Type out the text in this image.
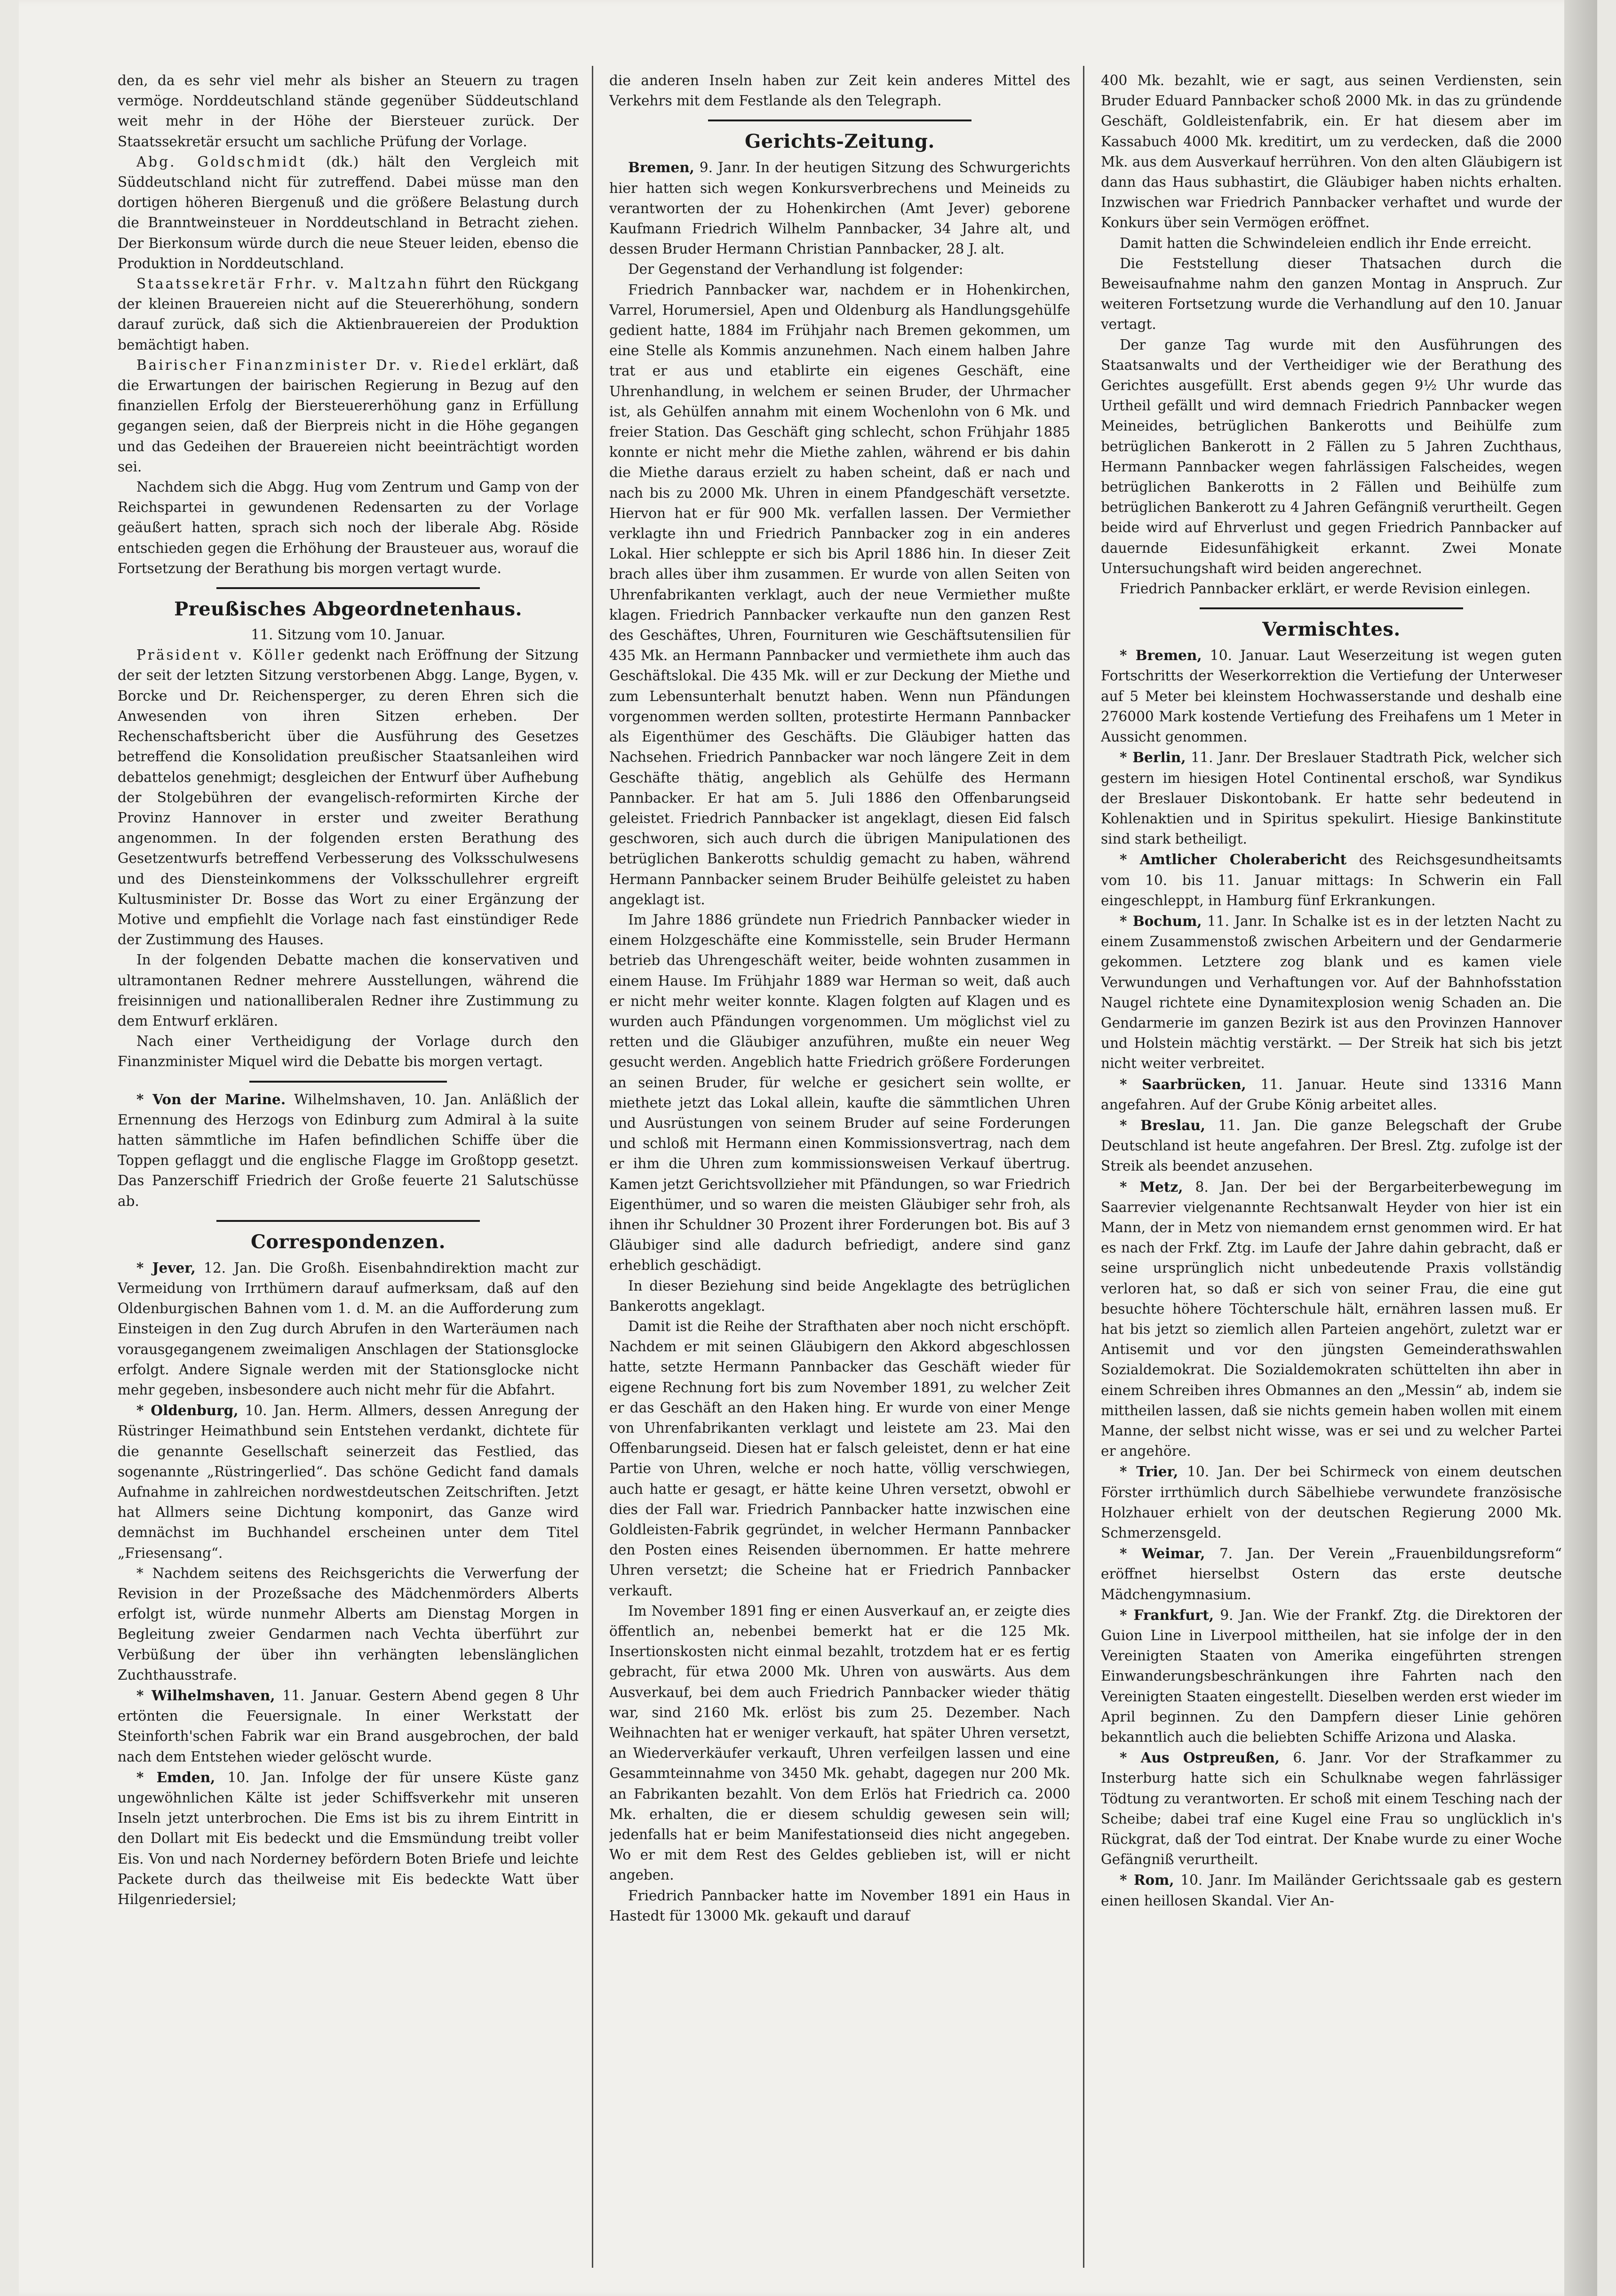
den, da es sehr viel mehr als bisher an Steuern zu tragen vermöge. Norddeutschland stände gegenüber Süddeutschland weit mehr in der Höhe der Biersteuer zurück. Der Staatssekretär ersucht um sachliche Prüfung der Vorlage.

Abg. Goldschmidt (dk.) hält den Vergleich mit Süddeutschland nicht für zutreffend. Dabei müsse man den dortigen höheren Biergenuß und die größere Belastung durch die Branntweinsteuer in Norddeutschland in Betracht ziehen. Der Bierkonsum würde durch die neue Steuer leiden, ebenso die Produktion in Norddeutschland.

Staatssekretär Frhr. v. Maltzahn führt den Rückgang der kleinen Brauereien nicht auf die Steuererhöhung, sondern darauf zurück, daß sich die Aktienbrauereien der Produktion bemächtigt haben.

Bairischer Finanzminister Dr. v. Riedel erklärt, daß die Erwartungen der bairischen Regierung in Bezug auf den finanziellen Erfolg der Biersteuererhöhung ganz in Erfüllung gegangen seien, daß der Bierpreis nicht in die Höhe gegangen und das Gedeihen der Brauereien nicht beeinträchtigt worden sei.

Nachdem sich die Abgg. Hug vom Zentrum und Gamp von der Reichspartei in gewundenen Redensarten zu der Vorlage geäußert hatten, sprach sich noch der liberale Abg. Röside entschieden gegen die Erhöhung der Brausteuer aus, worauf die Fortsetzung der Berathung bis morgen vertagt wurde.

Preußisches Abgeordnetenhaus.

11. Sitzung vom 10. Januar.

Präsident v. Köller gedenkt nach Eröffnung der Sitzung der seit der letzten Sitzung verstorbenen Abgg. Lange, Bygen, v. Borcke und Dr. Reichensperger, zu deren Ehren sich die Anwesenden von ihren Sitzen erheben. Der Rechenschaftsbericht über die Ausführung des Gesetzes betreffend die Konsolidation preußischer Staatsanleihen wird debattelos genehmigt; desgleichen der Entwurf über Aufhebung der Stolgebühren der evangelisch-reformirten Kirche der Provinz Hannover in erster und zweiter Berathung angenommen. In der folgenden ersten Berathung des Gesetzentwurfs betreffend Verbesserung des Volksschulwesens und des Diensteinkommens der Volksschullehrer ergreift Kultusminister Dr. Bosse das Wort zu einer Ergänzung der Motive und empfiehlt die Vorlage nach fast einstündiger Rede der Zustimmung des Hauses.

In der folgenden Debatte machen die konservativen und ultramontanen Redner mehrere Ausstellungen, während die freisinnigen und nationalliberalen Redner ihre Zustimmung zu dem Entwurf erklären.

Nach einer Vertheidigung der Vorlage durch den Finanzminister Miquel wird die Debatte bis morgen vertagt.

* Von der Marine. Wilhelmshaven, 10. Jan. Anläßlich der Ernennung des Herzogs von Edinburg zum Admiral à la suite hatten sämmtliche im Hafen befindlichen Schiffe über die Toppen geflaggt und die englische Flagge im Großtopp gesetzt. Das Panzerschiff Friedrich der Große feuerte 21 Salutschüsse ab.

Correspondenzen.

* Jever, 12. Jan. Die Großh. Eisenbahndirektion macht zur Vermeidung von Irrthümern darauf aufmerksam, daß auf den Oldenburgischen Bahnen vom 1. d. M. an die Aufforderung zum Einsteigen in den Zug durch Abrufen in den Warteräumen nach vorausgegangenem zweimaligen Anschlagen der Stationsglocke erfolgt. Andere Signale werden mit der Stationsglocke nicht mehr gegeben, insbesondere auch nicht mehr für die Abfahrt.

* Oldenburg, 10. Jan. Herm. Allmers, dessen Anregung der Rüstringer Heimathbund sein Entstehen verdankt, dichtete für die genannte Gesellschaft seinerzeit das Festlied, das sogenannte „Rüstringerlied“. Das schöne Gedicht fand damals Aufnahme in zahlreichen nordwestdeutschen Zeitschriften. Jetzt hat Allmers seine Dichtung komponirt, das Ganze wird demnächst im Buchhandel erscheinen unter dem Titel „Friesensang“.

* Nachdem seitens des Reichsgerichts die Verwerfung der Revision in der Prozeßsache des Mädchenmörders Alberts erfolgt ist, würde nunmehr Alberts am Dienstag Morgen in Begleitung zweier Gendarmen nach Vechta überführt zur Verbüßung der über ihn verhängten lebenslänglichen Zuchthausstrafe.

* Wilhelmshaven, 11. Januar. Gestern Abend gegen 8 Uhr ertönten die Feuersignale. In einer Werkstatt der Steinforth'schen Fabrik war ein Brand ausgebrochen, der bald nach dem Entstehen wieder gelöscht wurde.

* Emden, 10. Jan. Infolge der für unsere Küste ganz ungewöhnlichen Kälte ist jeder Schiffsverkehr mit unseren Inseln jetzt unterbrochen. Die Ems ist bis zu ihrem Eintritt in den Dollart mit Eis bedeckt und die Emsmündung treibt voller Eis. Von und nach Norderney befördern Boten Briefe und leichte Packete durch das theilweise mit Eis bedeckte Watt über Hilgenriedersiel;

die anderen Inseln haben zur Zeit kein anderes Mittel des Verkehrs mit dem Festlande als den Telegraph.

Gerichts-Zeitung.

Bremen, 9. Janr. In der heutigen Sitzung des Schwurgerichts hier hatten sich wegen Konkursverbrechens und Meineids zu verantworten der zu Hohenkirchen (Amt Jever) geborene Kaufmann Friedrich Wilhelm Pannbacker, 34 Jahre alt, und dessen Bruder Hermann Christian Pannbacker, 28 J. alt.

Der Gegenstand der Verhandlung ist folgender:

Friedrich Pannbacker war, nachdem er in Hohenkirchen, Varrel, Horumersiel, Apen und Oldenburg als Handlungsgehülfe gedient hatte, 1884 im Frühjahr nach Bremen gekommen, um eine Stelle als Kommis anzunehmen. Nach einem halben Jahre trat er aus und etablirte ein eigenes Geschäft, eine Uhrenhandlung, in welchem er seinen Bruder, der Uhrmacher ist, als Gehülfen annahm mit einem Wochenlohn von 6 Mk. und freier Station. Das Geschäft ging schlecht, schon Frühjahr 1885 konnte er nicht mehr die Miethe zahlen, während er bis dahin die Miethe daraus erzielt zu haben scheint, daß er nach und nach bis zu 2000 Mk. Uhren in einem Pfandgeschäft versetzte. Hiervon hat er für 900 Mk. verfallen lassen. Der Vermiether verklagte ihn und Friedrich Pannbacker zog in ein anderes Lokal. Hier schleppte er sich bis April 1886 hin. In dieser Zeit brach alles über ihm zusammen. Er wurde von allen Seiten von Uhrenfabrikanten verklagt, auch der neue Vermiether mußte klagen. Friedrich Pannbacker verkaufte nun den ganzen Rest des Geschäftes, Uhren, Fournituren wie Geschäftsutensilien für 435 Mk. an Hermann Pannbacker und vermiethete ihm auch das Geschäftslokal. Die 435 Mk. will er zur Deckung der Miethe und zum Lebensunterhalt benutzt haben. Wenn nun Pfändungen vorgenommen werden sollten, protestirte Hermann Pannbacker als Eigenthümer des Geschäfts. Die Gläubiger hatten das Nachsehen. Friedrich Pannbacker war noch längere Zeit in dem Geschäfte thätig, angeblich als Gehülfe des Hermann Pannbacker. Er hat am 5. Juli 1886 den Offenbarungseid geleistet. Friedrich Pannbacker ist angeklagt, diesen Eid falsch geschworen, sich auch durch die übrigen Manipulationen des betrüglichen Bankerotts schuldig gemacht zu haben, während Hermann Pannbacker seinem Bruder Beihülfe geleistet zu haben angeklagt ist.

Im Jahre 1886 gründete nun Friedrich Pannbacker wieder in einem Holzgeschäfte eine Kommisstelle, sein Bruder Hermann betrieb das Uhrengeschäft weiter, beide wohnten zusammen in einem Hause. Im Frühjahr 1889 war Herman so weit, daß auch er nicht mehr weiter konnte. Klagen folgten auf Klagen und es wurden auch Pfändungen vorgenommen. Um möglichst viel zu retten und die Gläubiger anzuführen, mußte ein neuer Weg gesucht werden. Angeblich hatte Friedrich größere Forderungen an seinen Bruder, für welche er gesichert sein wollte, er miethete jetzt das Lokal allein, kaufte die sämmtlichen Uhren und Ausrüstungen von seinem Bruder auf seine Forderungen und schloß mit Hermann einen Kommissionsvertrag, nach dem er ihm die Uhren zum kommissionsweisen Verkauf übertrug. Kamen jetzt Gerichtsvollzieher mit Pfändungen, so war Friedrich Eigenthümer, und so waren die meisten Gläubiger sehr froh, als ihnen ihr Schuldner 30 Prozent ihrer Forderungen bot. Bis auf 3 Gläubiger sind alle dadurch befriedigt, andere sind ganz erheblich geschädigt.

In dieser Beziehung sind beide Angeklagte des betrüglichen Bankerotts angeklagt.

Damit ist die Reihe der Strafthaten aber noch nicht erschöpft. Nachdem er mit seinen Gläubigern den Akkord abgeschlossen hatte, setzte Hermann Pannbacker das Geschäft wieder für eigene Rechnung fort bis zum November 1891, zu welcher Zeit er das Geschäft an den Haken hing. Er wurde von einer Menge von Uhrenfabrikanten verklagt und leistete am 23. Mai den Offenbarungseid. Diesen hat er falsch geleistet, denn er hat eine Partie von Uhren, welche er noch hatte, völlig verschwiegen, auch hatte er gesagt, er hätte keine Uhren versetzt, obwohl er dies der Fall war. Friedrich Pannbacker hatte inzwischen eine Goldleisten-Fabrik gegründet, in welcher Hermann Pannbacker den Posten eines Reisenden übernommen. Er hatte mehrere Uhren versetzt; die Scheine hat er Friedrich Pannbacker verkauft.

Im November 1891 fing er einen Ausverkauf an, er zeigte dies öffentlich an, nebenbei bemerkt hat er die 125 Mk. Insertionskosten nicht einmal bezahlt, trotzdem hat er es fertig gebracht, für etwa 2000 Mk. Uhren von auswärts. Aus dem Ausverkauf, bei dem auch Friedrich Pannbacker wieder thätig war, sind 2160 Mk. erlöst bis zum 25. Dezember. Nach Weihnachten hat er weniger verkauft, hat später Uhren versetzt, an Wiederverkäufer verkauft, Uhren verfeilgen lassen und eine Gesammteinnahme von 3450 Mk. gehabt, dagegen nur 200 Mk. an Fabrikanten bezahlt. Von dem Erlös hat Friedrich ca. 2000 Mk. erhalten, die er diesem schuldig gewesen sein will; jedenfalls hat er beim Manifestationseid dies nicht angegeben. Wo er mit dem Rest des Geldes geblieben ist, will er nicht angeben.

Friedrich Pannbacker hatte im November 1891 ein Haus in Hastedt für 13000 Mk. gekauft und darauf

400 Mk. bezahlt, wie er sagt, aus seinen Verdiensten, sein Bruder Eduard Pannbacker schoß 2000 Mk. in das zu gründende Geschäft, Goldleistenfabrik, ein. Er hat diesem aber im Kassabuch 4000 Mk. kreditirt, um zu verdecken, daß die 2000 Mk. aus dem Ausverkauf herrühren. Von den alten Gläubigern ist dann das Haus subhastirt, die Gläubiger haben nichts erhalten. Inzwischen war Friedrich Pannbacker verhaftet und wurde der Konkurs über sein Vermögen eröffnet.

Damit hatten die Schwindeleien endlich ihr Ende erreicht.

Die Feststellung dieser Thatsachen durch die Beweisaufnahme nahm den ganzen Montag in Anspruch. Zur weiteren Fortsetzung wurde die Verhandlung auf den 10. Januar vertagt.

Der ganze Tag wurde mit den Ausführungen des Staatsanwalts und der Vertheidiger wie der Berathung des Gerichtes ausgefüllt. Erst abends gegen 9½ Uhr wurde das Urtheil gefällt und wird demnach Friedrich Pannbacker wegen Meineides, betrüglichen Bankerotts und Beihülfe zum betrüglichen Bankerott in 2 Fällen zu 5 Jahren Zuchthaus, Hermann Pannbacker wegen fahrlässigen Falscheides, wegen betrüglichen Bankerotts in 2 Fällen und Beihülfe zum betrüglichen Bankerott zu 4 Jahren Gefängniß verurtheilt. Gegen beide wird auf Ehrverlust und gegen Friedrich Pannbacker auf dauernde Eidesunfähigkeit erkannt. Zwei Monate Untersuchungshaft wird beiden angerechnet.

Friedrich Pannbacker erklärt, er werde Revision einlegen.

Vermischtes.

* Bremen, 10. Januar. Laut Weserzeitung ist wegen guten Fortschritts der Weserkorrektion die Vertiefung der Unterweser auf 5 Meter bei kleinstem Hochwasserstande und deshalb eine 276000 Mark kostende Vertiefung des Freihafens um 1 Meter in Aussicht genommen.

* Berlin, 11. Janr. Der Breslauer Stadtrath Pick, welcher sich gestern im hiesigen Hotel Continental erschoß, war Syndikus der Breslauer Diskontobank. Er hatte sehr bedeutend in Kohlenaktien und in Spiritus spekulirt. Hiesige Bankinstitute sind stark betheiligt.

* Amtlicher Cholerabericht des Reichsgesundheitsamts vom 10. bis 11. Januar mittags: In Schwerin ein Fall eingeschleppt, in Hamburg fünf Erkrankungen.

* Bochum, 11. Janr. In Schalke ist es in der letzten Nacht zu einem Zusammenstoß zwischen Arbeitern und der Gendarmerie gekommen. Letztere zog blank und es kamen viele Verwundungen und Verhaftungen vor. Auf der Bahnhofsstation Naugel richtete eine Dynamitexplosion wenig Schaden an. Die Gendarmerie im ganzen Bezirk ist aus den Provinzen Hannover und Holstein mächtig verstärkt. — Der Streik hat sich bis jetzt nicht weiter verbreitet.

* Saarbrücken, 11. Januar. Heute sind 13316 Mann angefahren. Auf der Grube König arbeitet alles.

* Breslau, 11. Jan. Die ganze Belegschaft der Grube Deutschland ist heute angefahren. Der Bresl. Ztg. zufolge ist der Streik als beendet anzusehen.

* Metz, 8. Jan. Der bei der Bergarbeiterbewegung im Saarrevier vielgenannte Rechtsanwalt Heyder von hier ist ein Mann, der in Metz von niemandem ernst genommen wird. Er hat es nach der Frkf. Ztg. im Laufe der Jahre dahin gebracht, daß er seine ursprünglich nicht unbedeutende Praxis vollständig verloren hat, so daß er sich von seiner Frau, die eine gut besuchte höhere Töchterschule hält, ernähren lassen muß. Er hat bis jetzt so ziemlich allen Parteien angehört, zuletzt war er Antisemit und vor den jüngsten Gemeinderathswahlen Sozialdemokrat. Die Sozialdemokraten schüttelten ihn aber in einem Schreiben ihres Obmannes an den „Messin“ ab, indem sie mittheilen lassen, daß sie nichts gemein haben wollen mit einem Manne, der selbst nicht wisse, was er sei und zu welcher Partei er angehöre.

* Trier, 10. Jan. Der bei Schirmeck von einem deutschen Förster irrthümlich durch Säbelhiebe verwundete französische Holzhauer erhielt von der deutschen Regierung 2000 Mk. Schmerzensgeld.

* Weimar, 7. Jan. Der Verein „Frauenbildungsreform“ eröffnet hierselbst Ostern das erste deutsche Mädchengymnasium.

* Frankfurt, 9. Jan. Wie der Frankf. Ztg. die Direktoren der Guion Line in Liverpool mittheilen, hat sie infolge der in den Vereinigten Staaten von Amerika eingeführten strengen Einwanderungsbeschränkungen ihre Fahrten nach den Vereinigten Staaten eingestellt. Dieselben werden erst wieder im April beginnen. Zu den Dampfern dieser Linie gehören bekanntlich auch die beliebten Schiffe Arizona und Alaska.

* Aus Ostpreußen, 6. Janr. Vor der Strafkammer zu Insterburg hatte sich ein Schulknabe wegen fahrlässiger Tödtung zu verantworten. Er schoß mit einem Tesching nach der Scheibe; dabei traf eine Kugel eine Frau so unglücklich in's Rückgrat, daß der Tod eintrat. Der Knabe wurde zu einer Woche Gefängniß verurtheilt.

* Rom, 10. Janr. Im Mailänder Gerichtssaale gab es gestern einen heillosen Skandal. Vier An-
